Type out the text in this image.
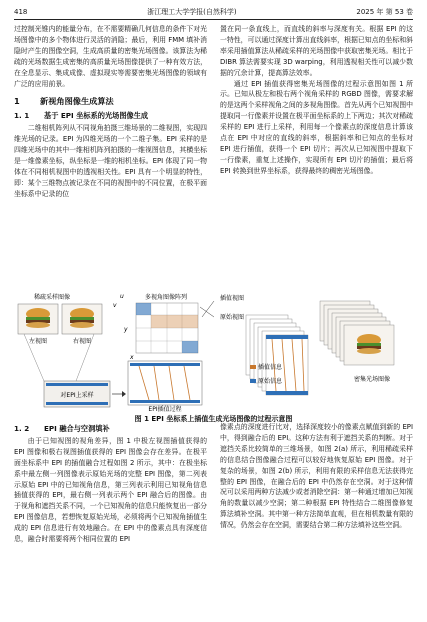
418	浙江理工大学学报(自然科学)	2025 年 第 53 卷

过控制光锥内的能量分布，在不需要精确几何信息的条件下对光场图像中的多个物体进行灵活的消隐；最后，利用 FMM 填补消隐时产生的图像空洞，生成高质量的密集光场图像。该算法为稀疏的光场数据生成密集的高质量光场图像提供了一种有效方法，在全息显示、集成成像、虚拟现实等需要密集光场图像的领域有广泛的应用前景。

1 新视角图像生成算法
1. 1 基于 EPI 坐标系的光场图像生成

二维相机阵列从不同视角拍摄三维场景的二维视图，实现四维光场的记录。EPI 为四维光场的一个二维子集。EPI 采样的是四维光场中的其中一维相机阵列拍摄的一维视图信息，其横坐标是一维像素坐标，纵坐标是一维的相机坐标。EPI 体现了同一物体在不同相机视图中的透视相关性。EPI 具有一个明显的特性，即：某个三维物点被记录在不同的视图中的不同位置，在极平面坐标系中记录的位

置在同一条直线上，而直线的斜率与深度有关。根据 EPI 的这一特性，可以通过深度计算出直线斜率，根据已知点的坐标和斜率采用插值算法从稀疏采样的光场图像中获取密集光场。相比于 DIBR 算法需要实现 3D warping，利用透视相关性可以减少数据的冗余计算，提高算法效率。

通过 EPI 插值获得密集光场图像的过程示意图如图 1 所示。已知从极左和极右两个视角采样的 RGBD 图像，需要求解的是这两个采样视角之间的多视角图像。首先从两个已知视图中提取同一行像素并设置在极平面坐标系的上下两边；其次对稀疏采样的 EPI 进行上采样，利用每一个像素点的深度信息计算该点在 EPI 中对应的直线的斜率，根据斜率和已知点的坐标对 EPI 进行插值，获得一个 EPI 切片；再次从已知视图中提取下一行像素，重复上述操作，实现所有 EPI 切片的插值；最后将 EPI 转换到世界坐标系，获得最终的稠密光场图像。

稀疏采样图像
左视图	右视图
多视角图像阵列
y
x
v
u	插值视图
原始视图
对EPI上采样
EPI插值过程
插值信息
原始信息	密集光场图像
图 1 EPI 坐标系上插值生成光场图像的过程示意图
1. 2 EPI 融合与空洞填补

由于已知视图的视角差异，图 1 中极左视图插值获得的 EPI 图像和极右视图插值获得的 EPI 图像会存在差异。在极平面坐标系中 EPI 的插值融合过程如图 2 所示，其中：在极坐标系中最左侧一列图像表示原始光场的完整 EPI 图像，第二列表示原始 EPI 中的已知视角信息，第三列表示利用已知视角信息插值获得的 EPI，最右侧一列表示两个 EPI 融合后的图像。由于视角和遮挡关系不同，一个已知视角的信息只能恢复出一部分 EPI 图像信息，若想恢复原始光场，必须将两个已知视角插值生成的 EPI 信息进行有效地融合。在 EPI 中的像素点具有深度信息，融合时需要将两个相同位置的 EPI

像素点的深度进行比对，选择深度较小的像素点赋值到新的 EPI 中，得到融合后的 EPI。这种方法有利于遮挡关系的判断。对于遮挡关系比较简单的三维场景，如图 2(a) 所示，利用稀疏采样的信息结合图像融合过程可以较好地恢复原始 EPI 图像。对于复杂的场景，如图 2(b) 所示，利用有限的采样信息无法获得完整的 EPI 图像，在融合后的 EPI 中仍然存在空洞。对于这种情况可以采用两种方法减少或者消除空洞：第一种通过增加已知视角的数量以减少空洞；第二种根据 EPI 特性结合二维图像修复算法填补空洞。其中第一种方法简单直观，但在相机数量有限的情况，仍然会存在空洞，需要结合第二种方法填补这些空洞。
